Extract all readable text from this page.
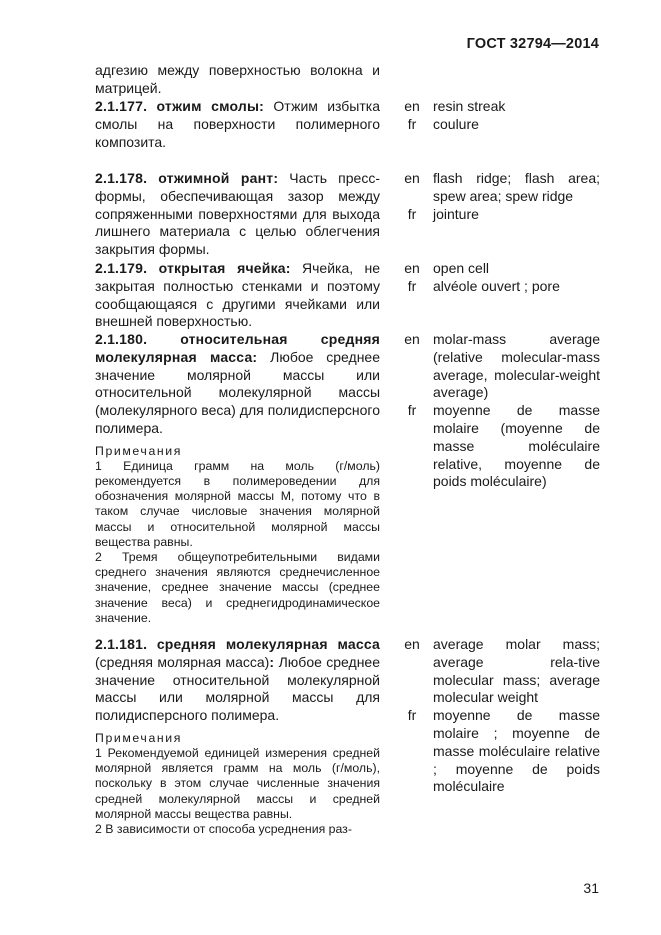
ГОСТ 32794—2014
адгезию между поверхностью волокна и матрицей.
2.1.177. отжим смолы: Отжим избытка смолы на поверхности полимерного композита.
en
fr
resin streak
coulure
2.1.178. отжимной рант: Часть пресс-формы, обеспечивающая зазор между сопряженными поверхностями для выхода лишнего материала с целью облегчения закрытия формы.
en
fr
flash ridge; flash area; spew area; spew ridge
jointure
2.1.179. открытая ячейка: Ячейка, не закрытая полностью стенками и поэтому сообщающаяся с другими ячейками или внешней поверхностью.
en
fr
open cell
alvéole ouvert ; pore
2.1.180. относительная средняя молекулярная масса: Любое среднее значение молярной массы или относительной молекулярной массы (молекулярного веса) для полидисперсного полимера.
Примечания
1 Единица грамм на моль (г/моль) рекомендуется в полимероведении для обозначения молярной массы М, потому что в таком случае числовые значения молярной массы и относительной молярной массы вещества равны.
2 Тремя общеупотребительными видами среднего значения являются среднечисленное значение, среднее значение массы (среднее значение веса) и среднегидродинамическое значение.
en
fr
molar-mass average (relative molecular-mass average, molecular-weight average)
moyenne de masse molaire (moyenne de masse moléculaire relative, moyenne de poids moléculaire)
2.1.181. средняя молекулярная масса (средняя молярная масса): Любое среднее значение относительной молекулярной массы или молярной массы для полидисперсного полимера.
Примечания
1 Рекомендуемой единицей измерения средней молярной является грамм на моль (г/моль), поскольку в этом случае численные значения средней молекулярной массы и средней молярной массы вещества равны.
2 В зависимости от способа усреднения раз-
en
fr
average molar mass; average rela-tive molecular mass; average molecular weight
moyenne de masse molaire ; moyenne de masse moléculaire relative ; moyenne de poids moléculaire
31
